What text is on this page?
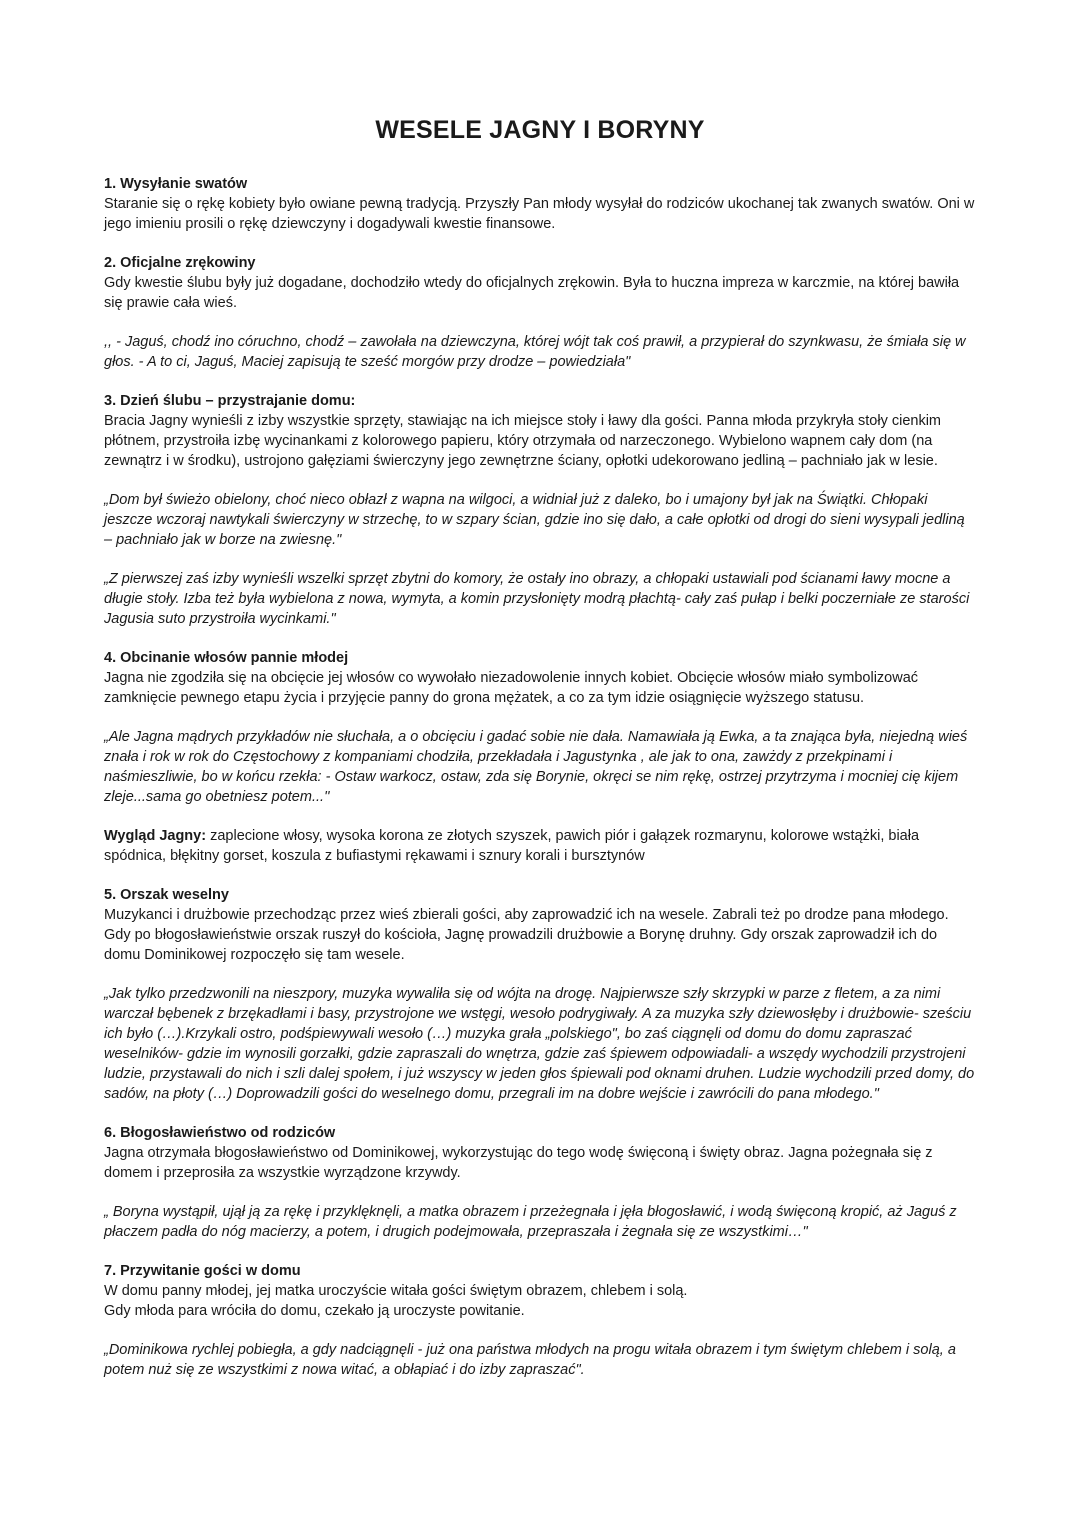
WESELE JAGNY I BORYNY

1. Wysyłanie swatów

Staranie się o rękę kobiety było owiane pewną tradycją. Przyszły Pan młody wysyłał do rodziców ukochanej tak zwanych swatów. Oni w jego imieniu prosili o rękę dziewczyny i dogadywali kwestie finansowe.

2. Oficjalne zrękowiny

Gdy kwestie ślubu były już dogadane, dochodziło wtedy do oficjalnych zrękowin. Była to huczna impreza w karczmie, na której bawiła się prawie cała wieś.

,, - Jaguś, chodź ino córuchno, chodź – zawołała na dziewczyna, której wójt tak coś prawił, a przypierał do szynkwasu, że śmiała się w głos. - A to ci, Jaguś, Maciej zapisują te sześć morgów przy drodze – powiedziała"

3. Dzień ślubu – przystrajanie domu:

Bracia Jagny wynieśli z izby wszystkie sprzęty, stawiając na ich miejsce stoły i ławy dla gości. Panna młoda przykryła stoły cienkim płótnem, przystroiła izbę wycinankami z kolorowego papieru, który otrzymała od narzeczonego. Wybielono wapnem cały dom (na zewnątrz i w środku), ustrojono gałęziami świerczyny jego zewnętrzne ściany, opłotki udekorowano jedliną – pachniało jak w lesie.

„Dom był świeżo obielony, choć nieco obłazł z wapna na wilgoci, a widniał już z daleko, bo i umajony był jak na Świątki. Chłopaki jeszcze wczoraj nawtykali świerczyny w strzechę, to w szpary ścian, gdzie ino się dało, a całe opłotki od drogi do sieni wysypali jedliną – pachniało jak w borze na zwiesnę."

„Z pierwszej zaś izby wynieśli wszelki sprzęt zbytni do komory, że ostały ino obrazy, a chłopaki ustawiali pod ścianami ławy mocne a długie stoły. Izba też była wybielona z nowa, wymyta, a komin przysłonięty modrą płachtą- cały zaś pułap i belki poczerniałe ze starości Jagusia suto przystroiła wycinkami."

4. Obcinanie włosów pannie młodej

Jagna nie zgodziła się na obcięcie jej włosów co wywołało niezadowolenie innych kobiet. Obcięcie włosów miało symbolizować zamknięcie pewnego etapu życia i przyjęcie panny do grona mężatek, a co za tym idzie osiągnięcie wyższego statusu.

„Ale Jagna mądrych przykładów nie słuchała, a o obcięciu i gadać sobie nie dała. Namawiała ją Ewka, a ta znająca była, niejedną wieś znała i rok w rok do Częstochowy z kompaniami chodziła, przekładała i Jagustynka , ale jak to ona, zawżdy z przekpinami i naśmieszliwie, bo w końcu rzekła: - Ostaw warkocz, ostaw, zda się Borynie, okręci se nim rękę, ostrzej przytrzyma i mocniej cię kijem zleje...sama go obetniesz potem...''

Wygląd Jagny: zaplecione włosy, wysoka korona ze złotych szyszek, pawich piór i gałązek rozmarynu, kolorowe wstążki, biała spódnica, błękitny gorset, koszula z bufiastymi rękawami i sznury korali i bursztynów

5. Orszak weselny

Muzykanci i drużbowie przechodząc przez wieś zbierali gości, aby zaprowadzić ich na wesele. Zabrali też po drodze pana młodego. Gdy po błogosławieństwie orszak ruszył do kościoła, Jagnę prowadzili drużbowie a Borynę druhny. Gdy orszak zaprowadził ich do domu Dominikowej rozpoczęło się tam wesele.

„Jak tylko przedzwonili na nieszpory, muzyka wywaliła się od wójta na drogę. Najpierwsze szły skrzypki w parze z fletem, a za nimi warczał bębenek z brzękadłami i basy, przystrojone we wstęgi, wesoło podrygiwały. A za muzyka szły dziewosłęby i drużbowie- sześciu ich było (…).Krzykali ostro, podśpiewywali wesoło (…) muzyka grała „polskiego", bo zaś ciągnęli od domu do domu zapraszać weselników- gdzie im wynosili gorzałki, gdzie zapraszali do wnętrza, gdzie zaś śpiewem odpowiadali- a wszędy wychodzili przystrojeni ludzie, przystawali do nich i szli dalej społem, i już wszyscy w jeden głos śpiewali pod oknami druhen. Ludzie wychodzili przed domy, do sadów, na płoty (…) Doprowadzili gości do weselnego domu, przegrali im na dobre wejście i zawrócili do pana młodego."

6. Błogosławieństwo od rodziców

Jagna otrzymała błogosławieństwo od Dominikowej, wykorzystując do tego wodę święconą i święty obraz. Jagna pożegnała się z domem i przeprosiła za wszystkie wyrządzone krzywdy.

„ Boryna wystąpił, ujął ją za rękę i przyklęknęli, a matka obrazem i przeżegnała i jęła błogosławić, i wodą święconą kropić, aż Jaguś z płaczem padła do nóg macierzy, a potem, i drugich podejmowała, przepraszała i żegnała się ze wszystkimi…"

7. Przywitanie gości w domu

W domu panny młodej, jej matka uroczyście witała gości świętym obrazem, chlebem i solą.

Gdy młoda para wróciła do domu, czekało ją uroczyste powitanie.

„Dominikowa rychlej pobiegła, a gdy nadciągnęli - już ona państwa młodych na progu witała obrazem i tym świętym chlebem i solą, a potem nuż się ze wszystkimi z nowa witać, a obłapiać i do izby zapraszać".
